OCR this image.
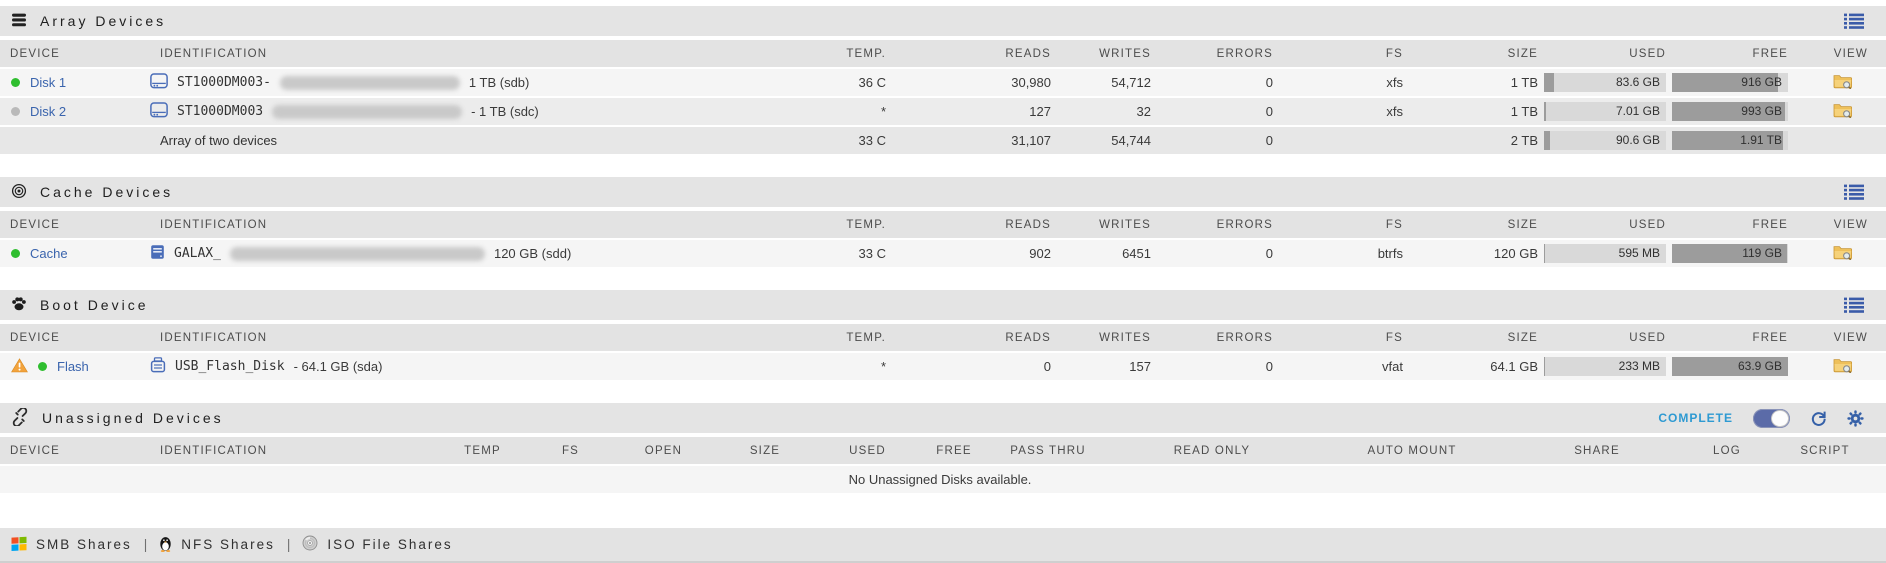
Array Devices
DEVICE	IDENTIFICATION	TEMP.	READS	WRITES	ERRORS	FS	SIZE	USED	FREE	VIEW

Disk 1	ST1000DM003- 1 TB (sdb)	36 C	30,980	54,712	0	xfs	1 TB	83.6 GB	916 GB

Disk 2	ST1000DM003 - 1 TB (sdc)	*	127	32	0	xfs	1 TB	7.01 GB	993 GB

	Array of two devices	33 C	31,107	54,744	0		2 TB	90.6 GB	1.91 TB	

Cache Devices
DEVICE	IDENTIFICATION	TEMP.	READS	WRITES	ERRORS	FS	SIZE	USED	FREE	VIEW

Cache	GALAX_ 120 GB (sdd)	33 C	902	6451	0	btrfs	120 GB	595 MB	119 GB

Boot Device
DEVICE	IDENTIFICATION	TEMP.	READS	WRITES	ERRORS	FS	SIZE	USED	FREE	VIEW

Flash	USB_Flash_Disk - 64.1 GB (sda)	*	0	157	0	vfat	64.1 GB	233 MB	63.9 GB

Unassigned Devices	COMPLETE
DEVICE	IDENTIFICATION	TEMP	FS	OPEN	SIZE	USED	FREE	PASS THRU	READ ONLY	AUTO MOUNT	SHARE	LOG	SCRIPT
No Unassigned Disks available.
SMB Shares |	NFS Shares |	ISO File Shares
